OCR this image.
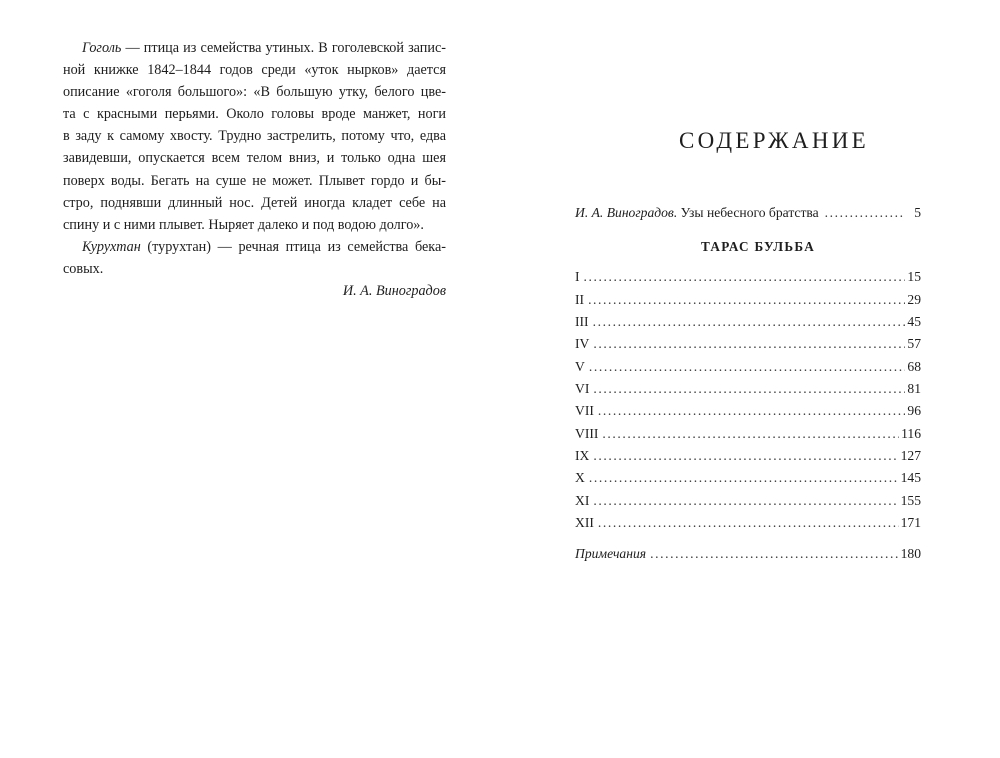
Гоголь — птица из семейства утиных. В гоголевской запис-
ной книжке 1842–1844 годов среди «уток нырков» дается
описание «гоголя большого»: «В большую утку, белого цве-
та с красными перьями. Около головы вроде манжет, ноги
в заду к самому хвосту. Трудно застрелить, потому что, едва
завидевши, опускается всем телом вниз, и только одна шея
поверх воды. Бегать на суше не может. Плывет гордо и бы-
стро, поднявши длинный нос. Детей иногда кладет себе на
спину и с ними плывет. Ныряет далеко и под водою долго».
Курухтан (турухтан) — речная птица из семейства бека-
совых.
И. А. Виноградов
СОДЕРЖАНИЕ
И. А. Виноградов. Узы небесного братства .....	5
ТАРАС БУЛЬБА
I .....	15
II .....	29
III .....	45
IV .....	57
V .....	68
VI .....	81
VII .....	96
VIII .....	116
IX .....	127
X .....	145
XI .....	155
XII .....	171
Примечания .....	180
